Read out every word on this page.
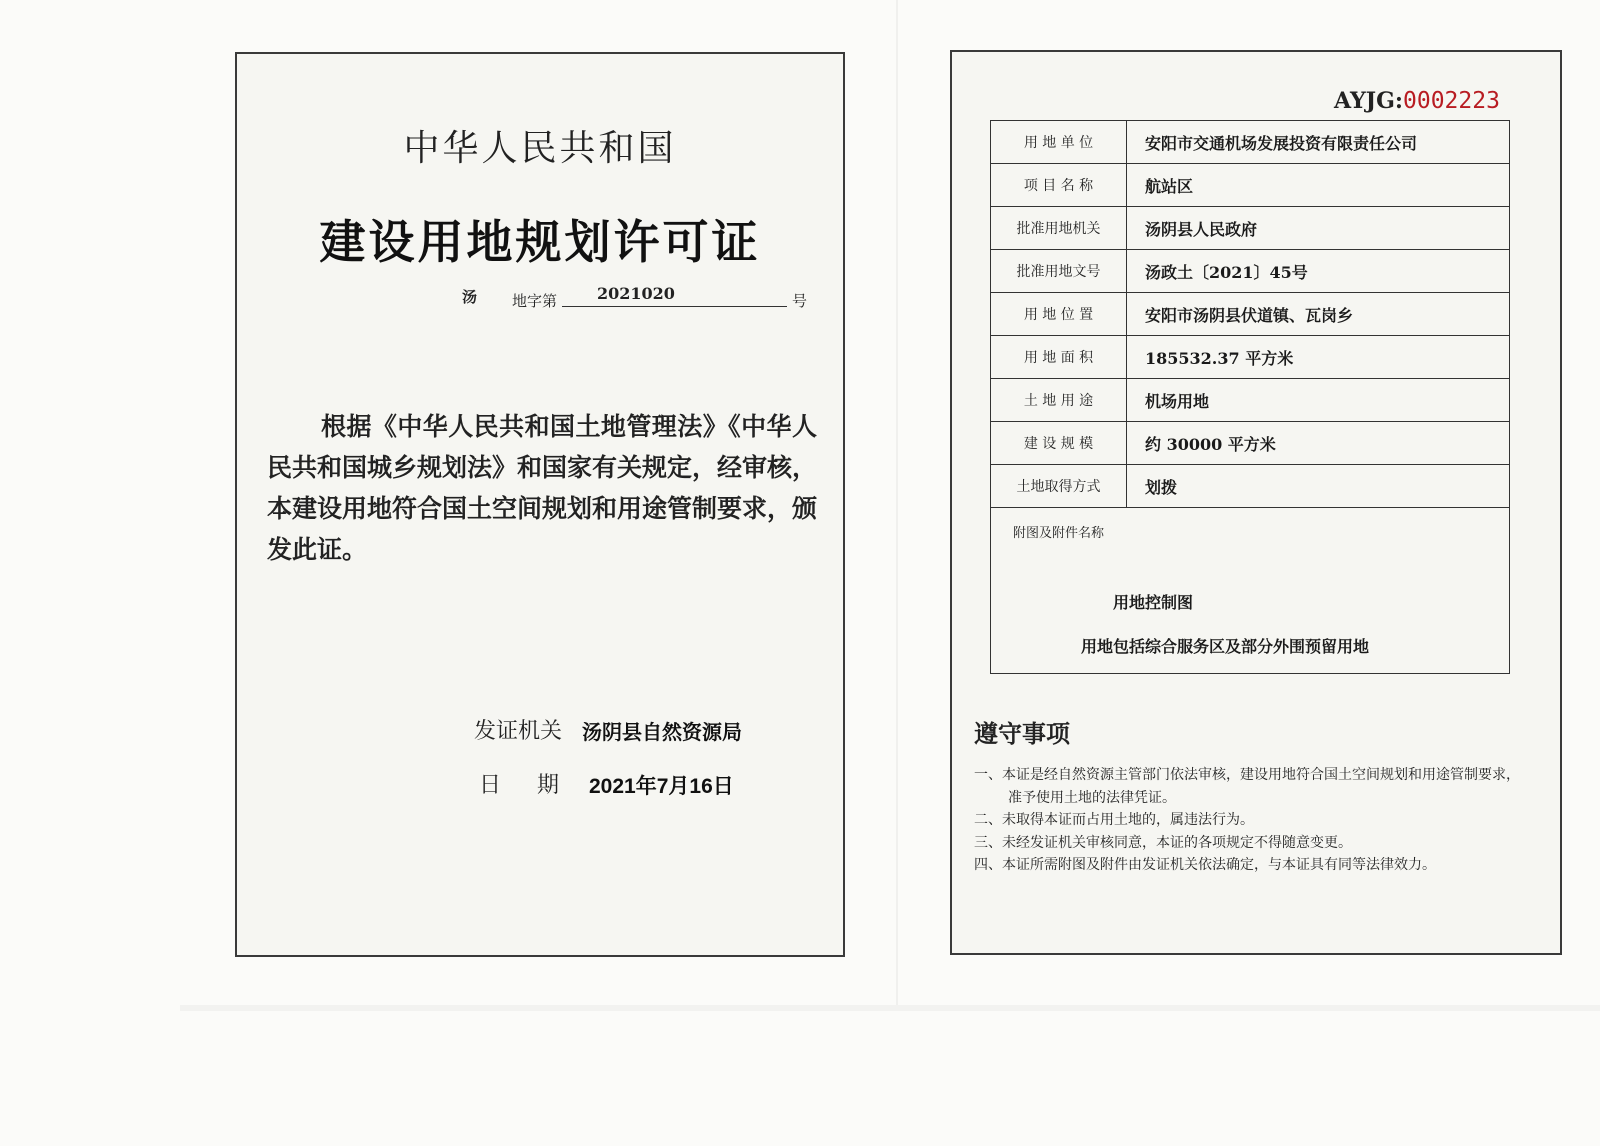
中华人民共和国
建设用地规划许可证
汤 地字第 2021020	号
根据《中华人民共和国土地管理法》《中华人民共和国城乡规划法》和国家有关规定，经审核，本建设用地符合国土空间规划和用途管制要求，颁发此证。
发证机关 汤阴县自然资源局
日期
2021年7月16日
AYJG:0002223
用 地 单 位	安阳市交通机场发展投资有限责任公司
项 目 名 称	航站区
批准用地机关	汤阴县人民政府
批准用地文号	汤政土〔2021〕45号
用 地 位 置	安阳市汤阴县伏道镇、瓦岗乡
用 地 面 积	185532.37 平方米
土 地 用 途	机场用地
建 设 规 模	约 30000 平方米
土地取得方式	划拨

附图及附件名称
用地控制图
用地包括综合服务区及部分外围预留用地	
遵守事项
一、本证是经自然资源主管部门依法审核，建设用地符合国土空间规划和用途管制要求，准予使用土地的法律凭证。
二、未取得本证而占用土地的，属违法行为。
三、未经发证机关审核同意，本证的各项规定不得随意变更。
四、本证所需附图及附件由发证机关依法确定，与本证具有同等法律效力。
